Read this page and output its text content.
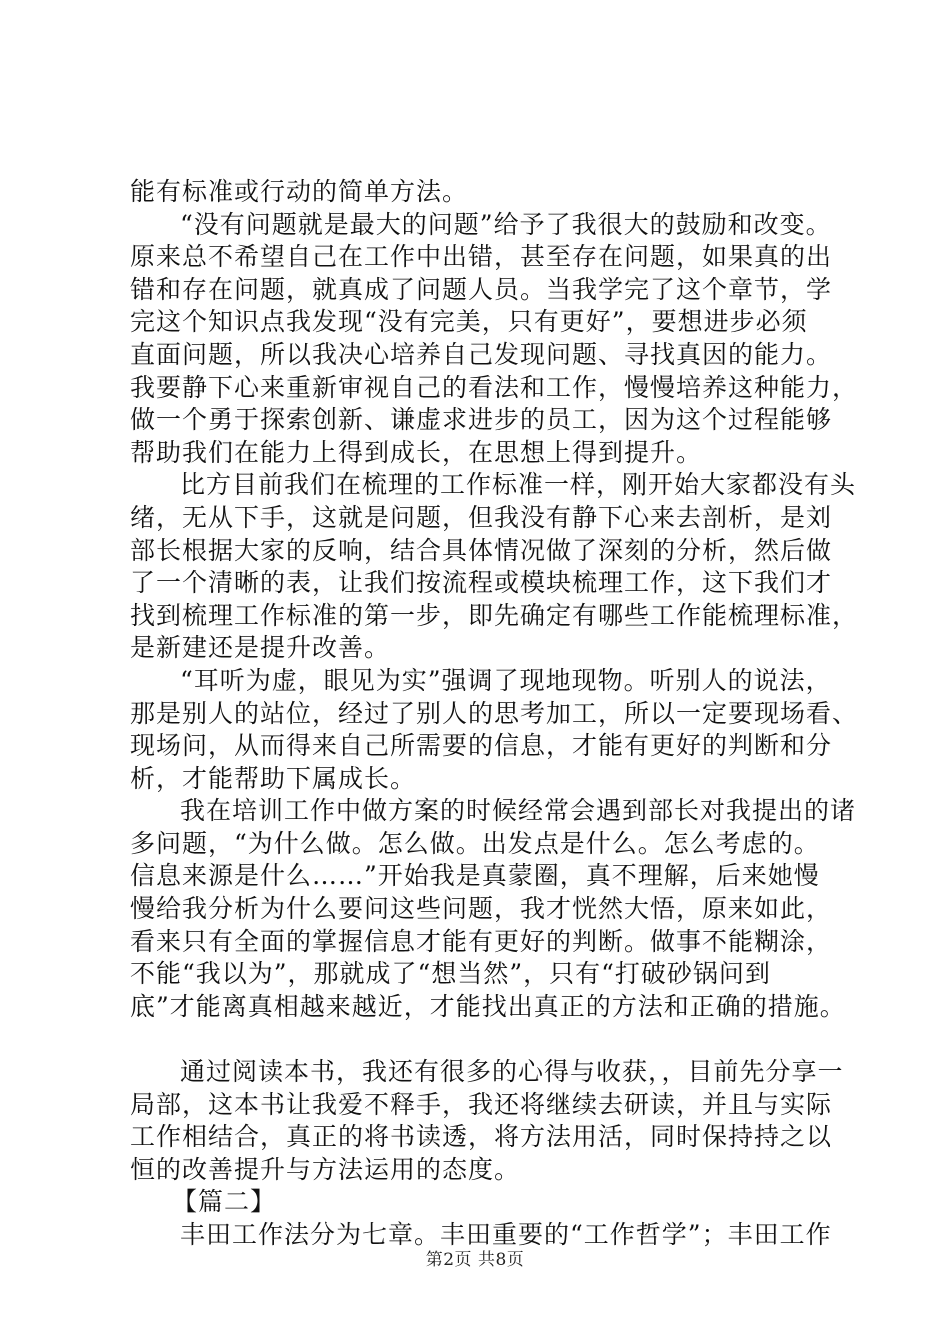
能有标准或行动的简单方法。
“没有问题就是最大的问题”给予了我很大的鼓励和改变。
原来总不希望自己在工作中出错，甚至存在问题，如果真的出
错和存在问题，就真成了问题人员。当我学完了这个章节，学
完这个知识点我发现“没有完美，只有更好”，要想进步必须
直面问题，所以我决心培养自己发现问题、寻找真因的能力。
我要静下心来重新审视自己的看法和工作，慢慢培养这种能力，
做一个勇于探索创新、谦虚求进步的员工，因为这个过程能够
帮助我们在能力上得到成长，在思想上得到提升。
比方目前我们在梳理的工作标准一样，刚开始大家都没有头
绪，无从下手，这就是问题，但我没有静下心来去剖析，是刘
部长根据大家的反响，结合具体情况做了深刻的分析，然后做
了一个清晰的表，让我们按流程或模块梳理工作，这下我们才
找到梳理工作标准的第一步，即先确定有哪些工作能梳理标准，
是新建还是提升改善。
“耳听为虚，眼见为实”强调了现地现物。听别人的说法，
那是别人的站位，经过了别人的思考加工，所以一定要现场看、
现场问，从而得来自己所需要的信息，才能有更好的判断和分
析，才能帮助下属成长。
我在培训工作中做方案的时候经常会遇到部长对我提出的诸
多问题，“为什么做。怎么做。出发点是什么。怎么考虑的。
信息来源是什么……”开始我是真蒙圈，真不理解，后来她慢
慢给我分析为什么要问这些问题，我才恍然大悟，原来如此，
看来只有全面的掌握信息才能有更好的判断。做事不能糊涂，
不能“我以为”，那就成了“想当然”，只有“打破砂锅问到
底”才能离真相越来越近，才能找出真正的方法和正确的措施。
通过阅读本书，我还有很多的心得与收获，，目前先分享一
局部，这本书让我爱不释手，我还将继续去研读，并且与实际
工作相结合，真正的将书读透，将方法用活，同时保持持之以
恒的改善提升与方法运用的态度。
【篇二】
丰田工作法分为七章。丰田重要的“工作哲学”；丰田工作
第2页 共8页
